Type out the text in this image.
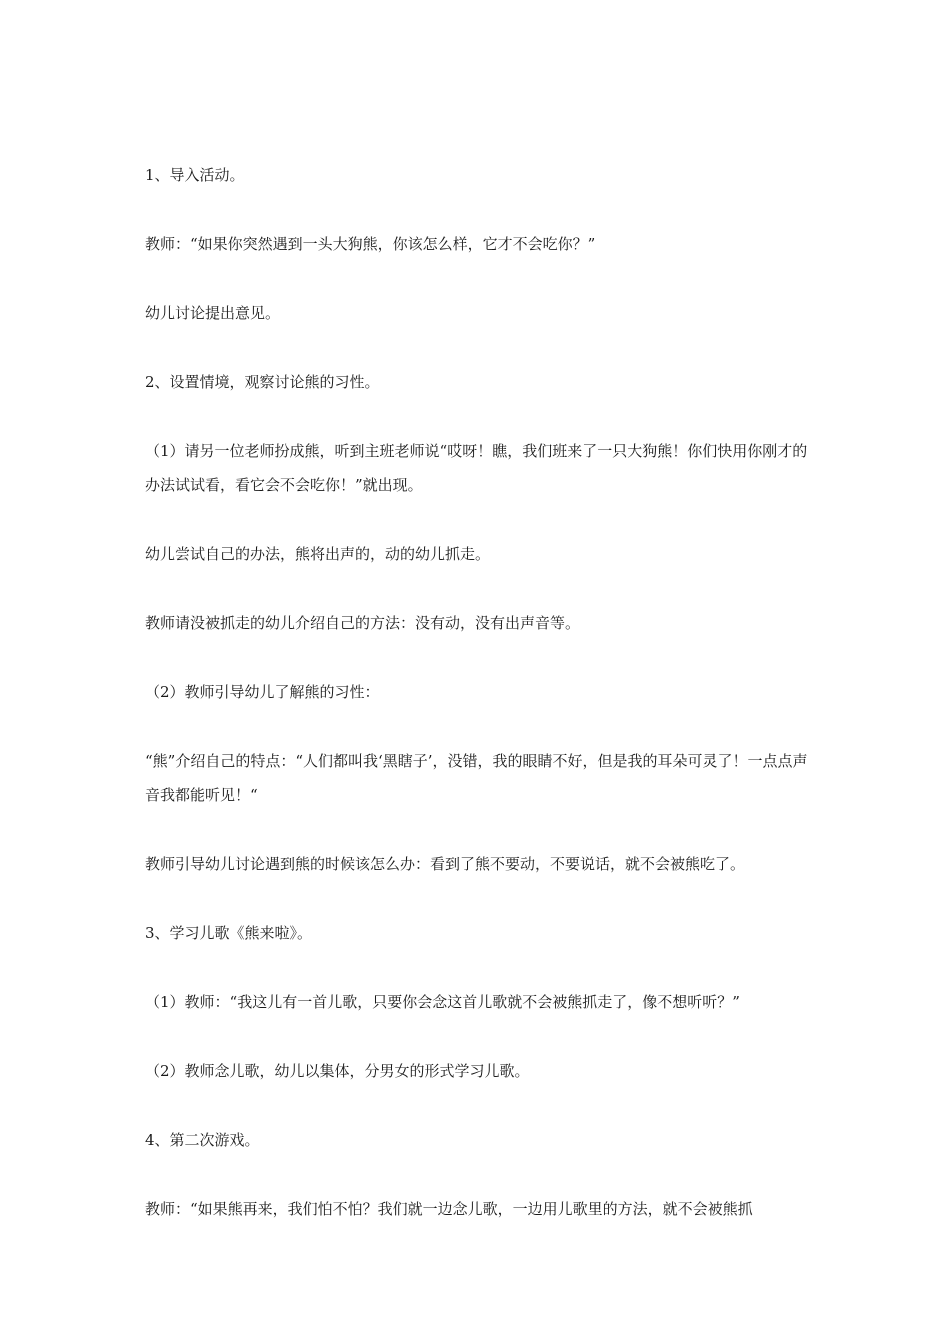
1、导入活动。

教师：“如果你突然遇到一头大狗熊，你该怎么样，它才不会吃你？”

幼儿讨论提出意见。

2、设置情境，观察讨论熊的习性。

（1）请另一位老师扮成熊，听到主班老师说“哎呀！瞧，我们班来了一只大狗熊！你们快用你刚才的办法试试看，看它会不会吃你！”就出现。

幼儿尝试自己的办法，熊将出声的，动的幼儿抓走。

教师请没被抓走的幼儿介绍自己的方法：没有动，没有出声音等。

（2）教师引导幼儿了解熊的习性：

“熊”介绍自己的特点：“人们都叫我‘黑瞎子’，没错，我的眼睛不好，但是我的耳朵可灵了！一点点声音我都能听见！“

教师引导幼儿讨论遇到熊的时候该怎么办：看到了熊不要动，不要说话，就不会被熊吃了。

3、学习儿歌《熊来啦》。

（1）教师：“我这儿有一首儿歌，只要你会念这首儿歌就不会被熊抓走了，像不想听听？”

（2）教师念儿歌，幼儿以集体，分男女的形式学习儿歌。

4、第二次游戏。

教师：“如果熊再来，我们怕不怕？我们就一边念儿歌，一边用儿歌里的方法，就不会被熊抓
